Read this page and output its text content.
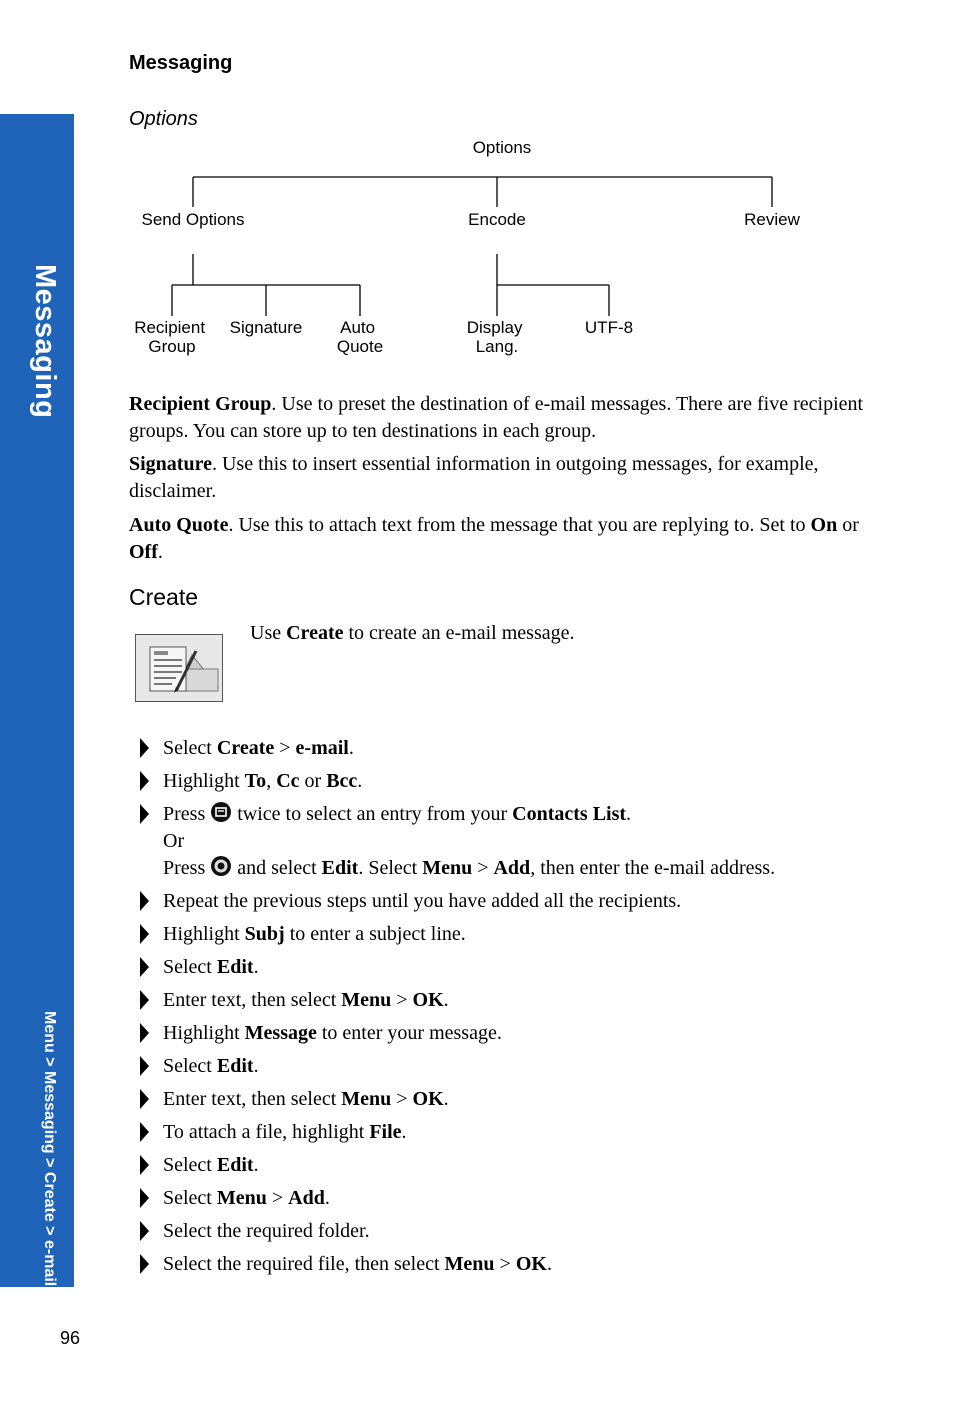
Messaging
Menu > Messaging > Create > e-mail
Messaging
Options
Options
Send Options	Encode	Review
Recipient Group
Signature Auto Quote
Display Lang.
UTF-8

Recipient Group. Use to preset the destination of e-mail messages. There are five recipient groups. You can store up to ten destinations in each group.

Signature. Use this to insert essential information in outgoing messages, for example, disclaimer.

Auto Quote. Use this to attach text from the message that you are replying to. Set to On or Off.

Create
Use Create to create an e-mail message.
Select Create > e-mail.
Highlight To, Cc or Bcc.
Press  twice to select an entry from your Contacts List.
Or
Press  and select Edit. Select Menu > Add, then enter the e-mail address.
Repeat the previous steps until you have added all the recipients.
Highlight Subj to enter a subject line.
Select Edit.
Enter text, then select Menu > OK.
Highlight Message to enter your message.
Select Edit.
Enter text, then select Menu > OK.
To attach a file, highlight File.
Select Edit.
Select Menu > Add.
Select the required folder.
Select the required file, then select Menu > OK.
96
